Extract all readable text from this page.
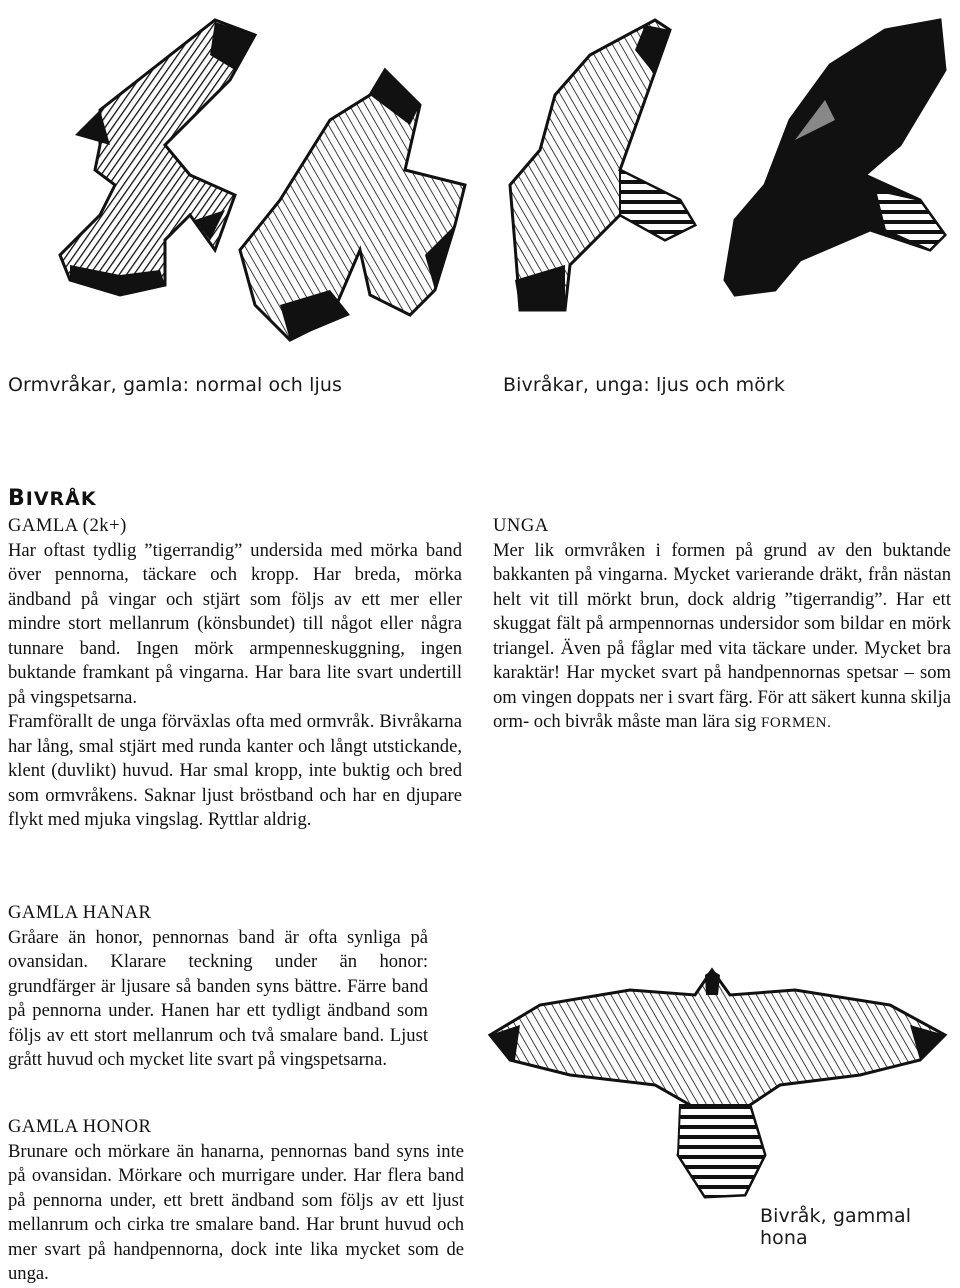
Ormvråkar, gamla: normal och ljus	Bivråkar, unga: ljus och mörk
BIVRÅK
GAMLA (2k+)
Har oftast tydlig ”tigerrandig” undersida med mörka band över pennorna, täckare och kropp. Har breda, mörka ändband på vingar och stjärt som följs av ett mer eller mindre stort mellanrum (könsbundet) till något eller några tunnare band. Ingen mörk armpenneskuggning, ingen buktande framkant på vingarna. Har bara lite svart undertill på vingspetsarna.
Framförallt de unga förväxlas ofta med ormvråk. Bivråkarna har lång, smal stjärt med runda kanter och långt utstickande, klent (duvlikt) huvud. Har smal kropp, inte buktig och bred som ormvråkens. Saknar ljust bröstband och har en djupare flykt med mjuka vingslag. Ryttlar aldrig.
UNGA
Mer lik ormvråken i formen på grund av den buktande bakkanten på vingarna. Mycket varierande dräkt, från nästan helt vit till mörkt brun, dock aldrig ”tigerrandig”. Har ett skuggat fält på armpennornas undersidor som bildar en mörk triangel. Även på fåglar med vita täckare under. Mycket bra karaktär! Har mycket svart på handpennornas spetsar – som om vingen doppats ner i svart färg. För att säkert kunna skilja orm- och bivråk måste man lära sig FORMEN.
GAMLA HANAR
Gråare än honor, pennornas band är ofta synliga på ovansidan. Klarare teckning under än honor: grundfärger är ljusare så banden syns bättre. Färre band på pennorna under. Hanen har ett tydligt ändband som följs av ett stort mellanrum och två smalare band. Ljust grått huvud och mycket lite svart på vingspetsarna.
GAMLA HONOR
Brunare och mörkare än hanarna, pennornas band syns inte på ovansidan. Mörkare och murrigare under. Har flera band på pennorna under, ett brett ändband som följs av ett ljust mellanrum och cirka tre smalare band. Har brunt huvud och mer svart på handpennorna, dock inte lika mycket som de unga.
Bivråk, gammal hona
